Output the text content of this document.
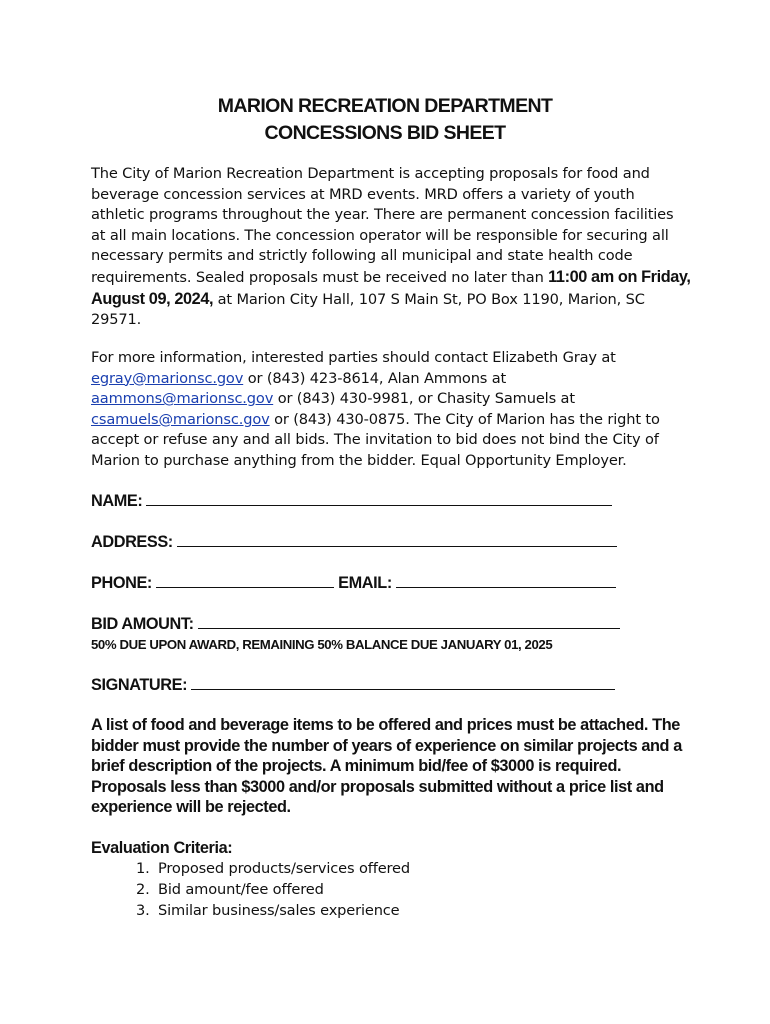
MARION RECREATION DEPARTMENT
CONCESSIONS BID SHEET
The City of Marion Recreation Department is accepting proposals for food and beverage concession services at MRD events. MRD offers a variety of youth athletic programs throughout the year. There are permanent concession facilities at all main locations. The concession operator will be responsible for securing all necessary permits and strictly following all municipal and state health code requirements. Sealed proposals must be received no later than 11:00 am on Friday, August 09, 2024, at Marion City Hall, 107 S Main St, PO Box 1190, Marion, SC 29571.
For more information, interested parties should contact Elizabeth Gray at egray@marionsc.gov or (843) 423-8614, Alan Ammons at aammons@marionsc.gov or (843) 430-9981, or Chasity Samuels at csamuels@marionsc.gov or (843) 430-0875. The City of Marion has the right to accept or refuse any and all bids. The invitation to bid does not bind the City of Marion to purchase anything from the bidder. Equal Opportunity Employer.
NAME:
ADDRESS:
PHONE:	EMAIL:
BID AMOUNT:
50% DUE UPON AWARD, REMAINING 50% BALANCE DUE JANUARY 01, 2025
SIGNATURE:
A list of food and beverage items to be offered and prices must be attached. The bidder must provide the number of years of experience on similar projects and a brief description of the projects. A minimum bid/fee of $3000 is required. Proposals less than $3000 and/or proposals submitted without a price list and experience will be rejected.
Evaluation Criteria:
1. Proposed products/services offered
2. Bid amount/fee offered
3. Similar business/sales experience
